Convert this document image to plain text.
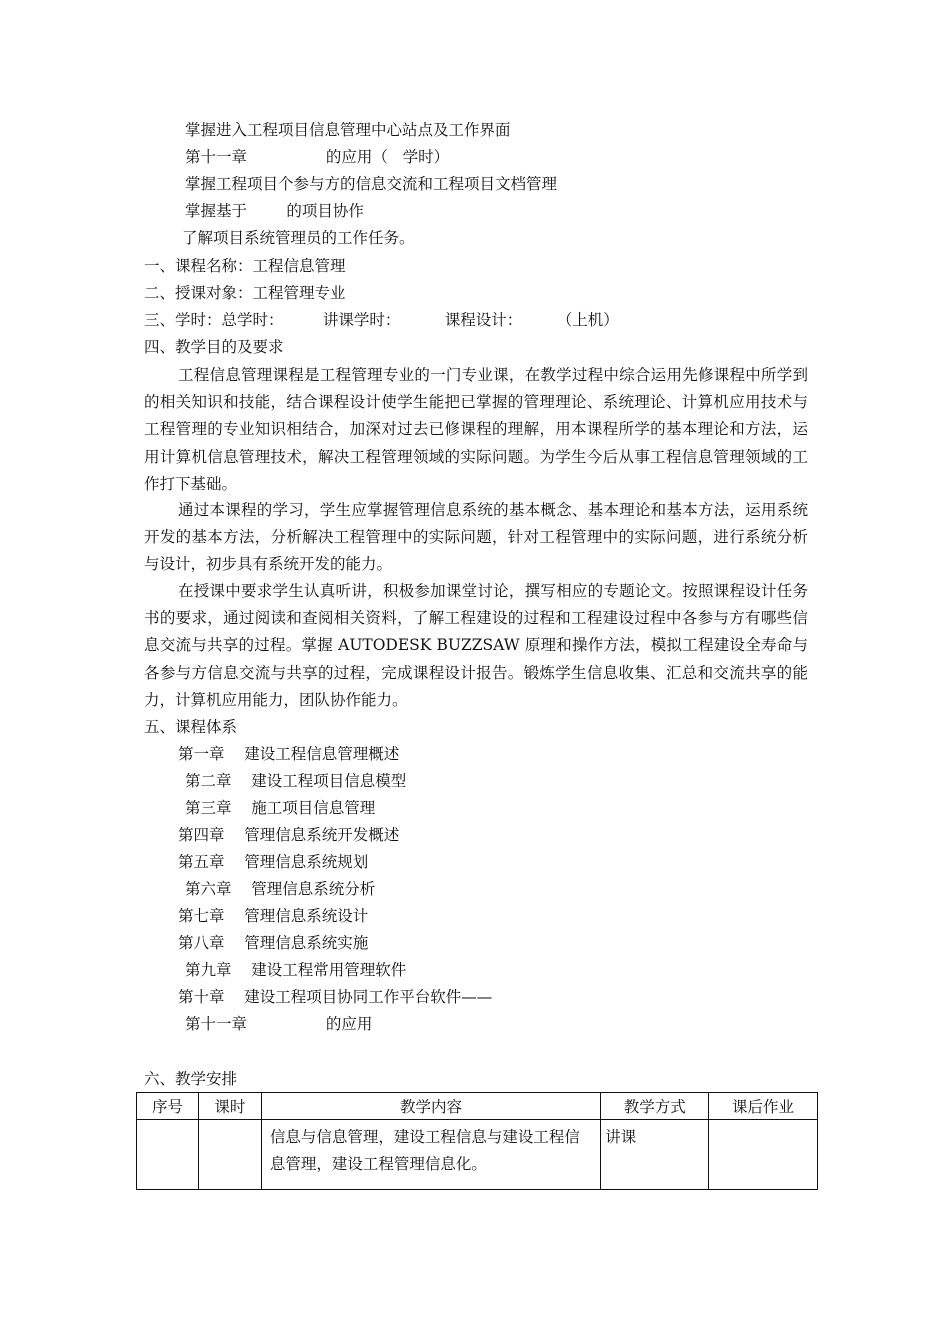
掌握进入工程项目信息管理中心站点及工作界面
第十一章                的应用（   学时）
掌握工程项目个参与方的信息交流和工程项目文档管理
掌握基于        的项目协作
了解项目系统管理员的工作任务。
一、课程名称：工程信息管理
二、授课对象：工程管理专业
三、学时：总学时：        讲课学时：         课程设计：       （上机）
四、教学目的及要求

工程信息管理课程是工程管理专业的一门专业课，在教学过程中综合运用先修课程中所学到的相关知识和技能，结合课程设计使学生能把已掌握的管理理论、系统理论、计算机应用技术与工程管理的专业知识相结合，加深对过去已修课程的理解，用本课程所学的基本理论和方法，运用计算机信息管理技术，解决工程管理领域的实际问题。为学生今后从事工程信息管理领域的工作打下基础。

通过本课程的学习，学生应掌握管理信息系统的基本概念、基本理论和基本方法，运用系统开发的基本方法，分析解决工程管理中的实际问题，针对工程管理中的实际问题，进行系统分析与设计，初步具有系统开发的能力。

在授课中要求学生认真听讲，积极参加课堂讨论，撰写相应的专题论文。按照课程设计任务书的要求，通过阅读和查阅相关资料，了解工程建设的过程和工程建设过程中各参与方有哪些信息交流与共享的过程。掌握 AUTODESK BUZZSAW 原理和操作方法，模拟工程建设全寿命与各参与方信息交流与共享的过程，完成课程设计报告。锻炼学生信息收集、汇总和交流共享的能力，计算机应用能力，团队协作能力。

五、课程体系
第一章    建设工程信息管理概述
第二章    建设工程项目信息模型
第三章    施工项目信息管理
第四章    管理信息系统开发概述
第五章    管理信息系统规划
第六章    管理信息系统分析
第七章    管理信息系统设计
第八章    管理信息系统实施
第九章    建设工程常用管理软件
第十章    建设工程项目协同工作平台软件——
第十一章                的应用
六、教学安排
序号	课时	教学内容	教学方式	课后作业
		信息与信息管理，建设工程信息与建设工程信息管理，建设工程管理信息化。	讲课	
